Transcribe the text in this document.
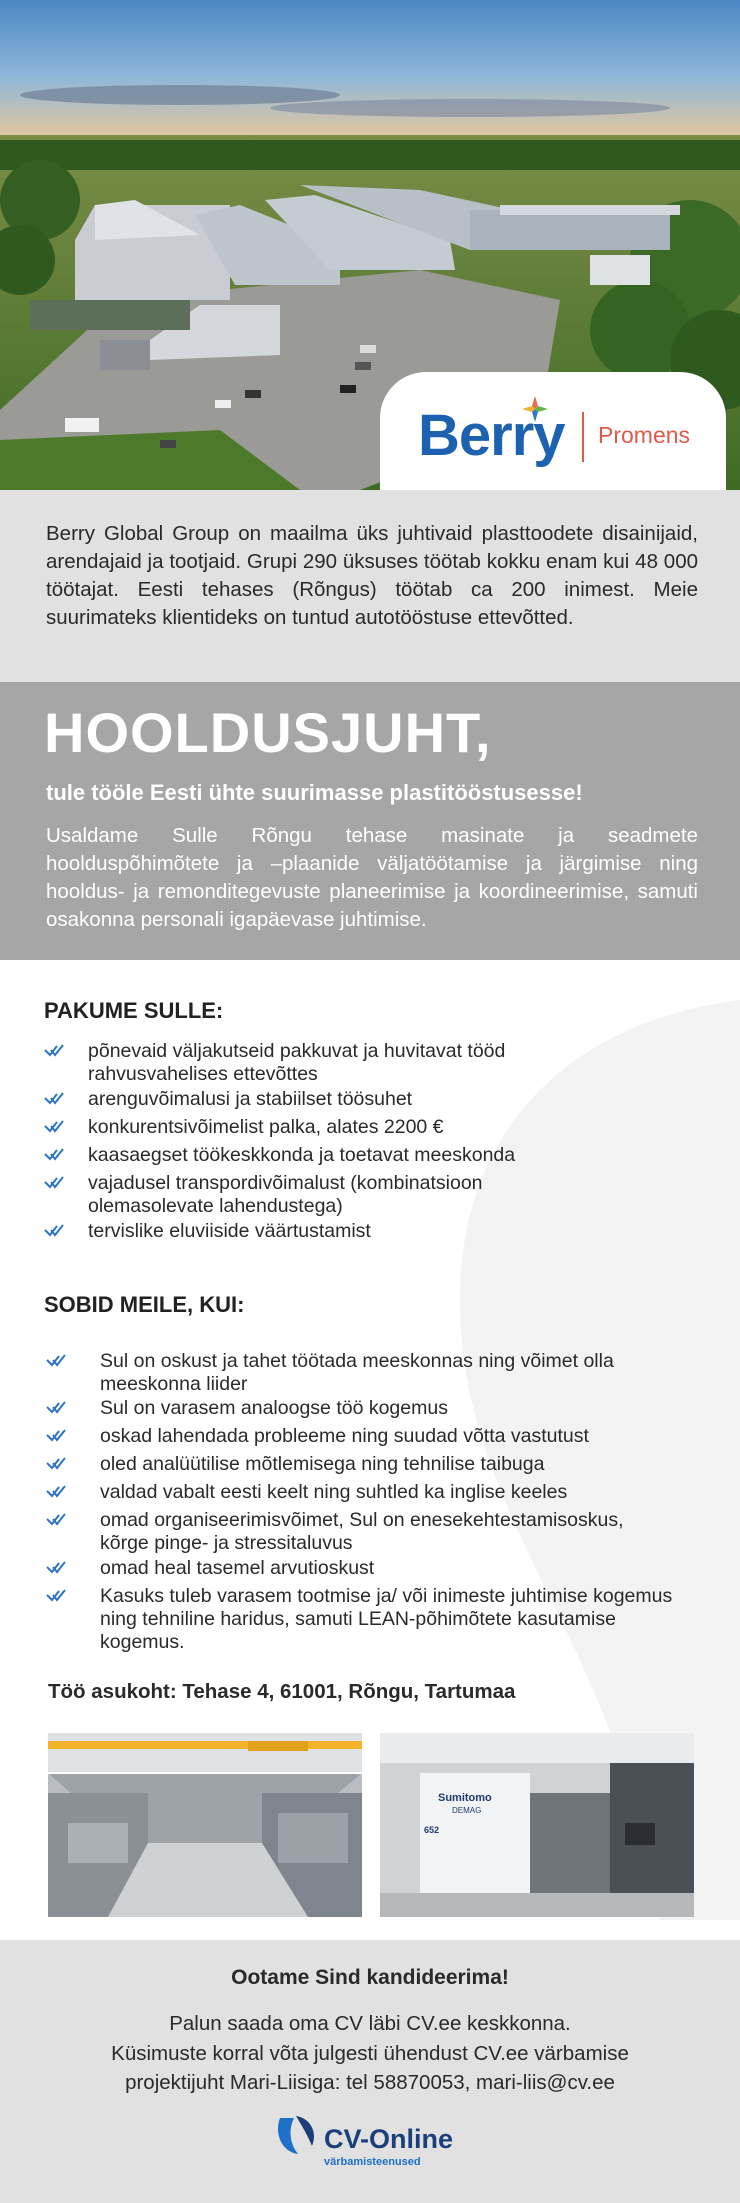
Berry Promens

Berry Global Group on maailma üks juhtivaid plasttoodete disainijaid, arendajaid ja tootjaid. Grupi 290 üksuses töötab kokku enam kui 48 000 töötajat. Eesti tehases (Rõngus) töötab ca 200 inimest. Meie suurimateks klientideks on tuntud autotööstuse ettevõtted.

HOOLDUSJUHT,
tule tööle Eesti ühte suurimasse plastitööstusesse!
Usaldame Sulle Rõngu tehase masinate ja seadmete hoolduspõhimõtete ja –plaanide väljatöötamise ja järgimise ning hooldus- ja remonditegevuste planeerimise ja koordineerimise, samuti osakonna personali igapäevase juhtimise.
PAKUME SULLE:
põnevaid väljakutseid pakkuvat ja huvitavat tööd rahvusvahelises ettevõttes
arenguvõimalusi ja stabiilset töösuhet
konkurentsivõimelist palka, alates 2200 €
kaasaegset töökeskkonda ja toetavat meeskonda
vajadusel transpordivõimalust (kombinatsioon olemasolevate lahendustega)
tervislike eluviiside väärtustamist
SOBID MEILE, KUI:
Sul on oskust ja tahet töötada meeskonnas ning võimet olla meeskonna liider
Sul on varasem analoogse töö kogemus
oskad lahendada probleeme ning suudad võtta vastutust
oled analüütilise mõtlemisega ning tehnilise taibuga
valdad vabalt eesti keelt ning suhtled ka inglise keeles
omad organiseerimisvõimet, Sul on enesekehtestamisoskus, kõrge pinge- ja stressitaluvus
omad heal tasemel arvutioskust
Kasuks tuleb varasem tootmise ja/ või inimeste juhtimise kogemus ning tehniline haridus, samuti LEAN-põhimõtete kasutamise kogemus.
Töö asukoht: Tehase 4, 61001, Rõngu, Tartumaa
Sumitomo
DEMAG
652
Ootame Sind kandideerima!
Palun saada oma CV läbi CV.ee keskkonna.
Küsimuste korral võta julgesti ühendust CV.ee värbamise
projektijuht Mari-Liisiga: tel 58870053, mari-liis@cv.ee
CV-Online
värbamisteenused
